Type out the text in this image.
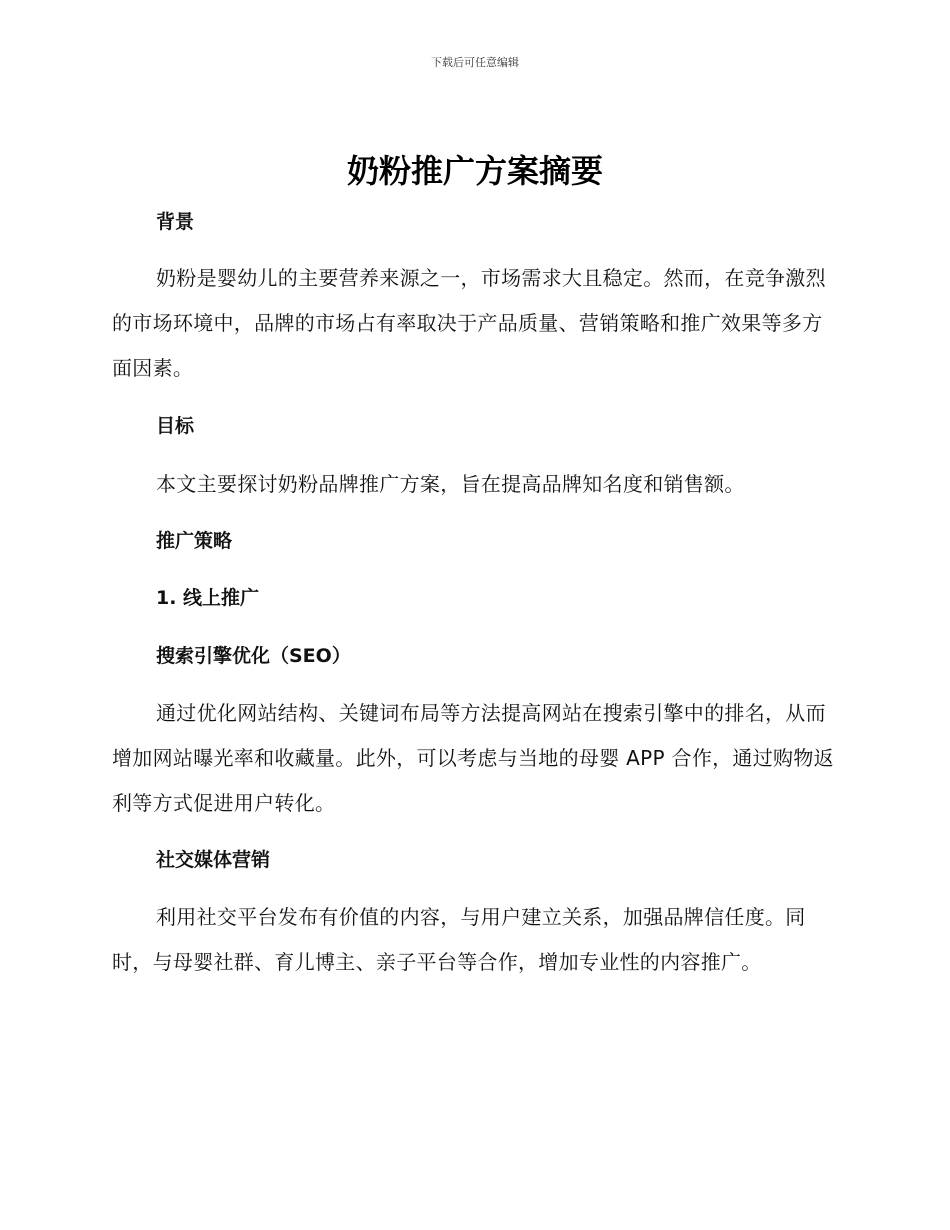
下载后可任意编辑
奶粉推广方案摘要
背景

奶粉是婴幼儿的主要营养来源之一，市场需求大且稳定。然而，在竞争激烈的市场环境中，品牌的市场占有率取决于产品质量、营销策略和推广效果等多方面因素。

目标

本文主要探讨奶粉品牌推广方案，旨在提高品牌知名度和销售额。

推广策略
1. 线上推广
搜索引擎优化（SEO）

通过优化网站结构、关键词布局等方法提高网站在搜索引擎中的排名，从而增加网站曝光率和收藏量。此外，可以考虑与当地的母婴 APP 合作，通过购物返利等方式促进用户转化。

社交媒体营销

利用社交平台发布有价值的内容，与用户建立关系，加强品牌信任度。同时，与母婴社群、育儿博主、亲子平台等合作，增加专业性的内容推广。
